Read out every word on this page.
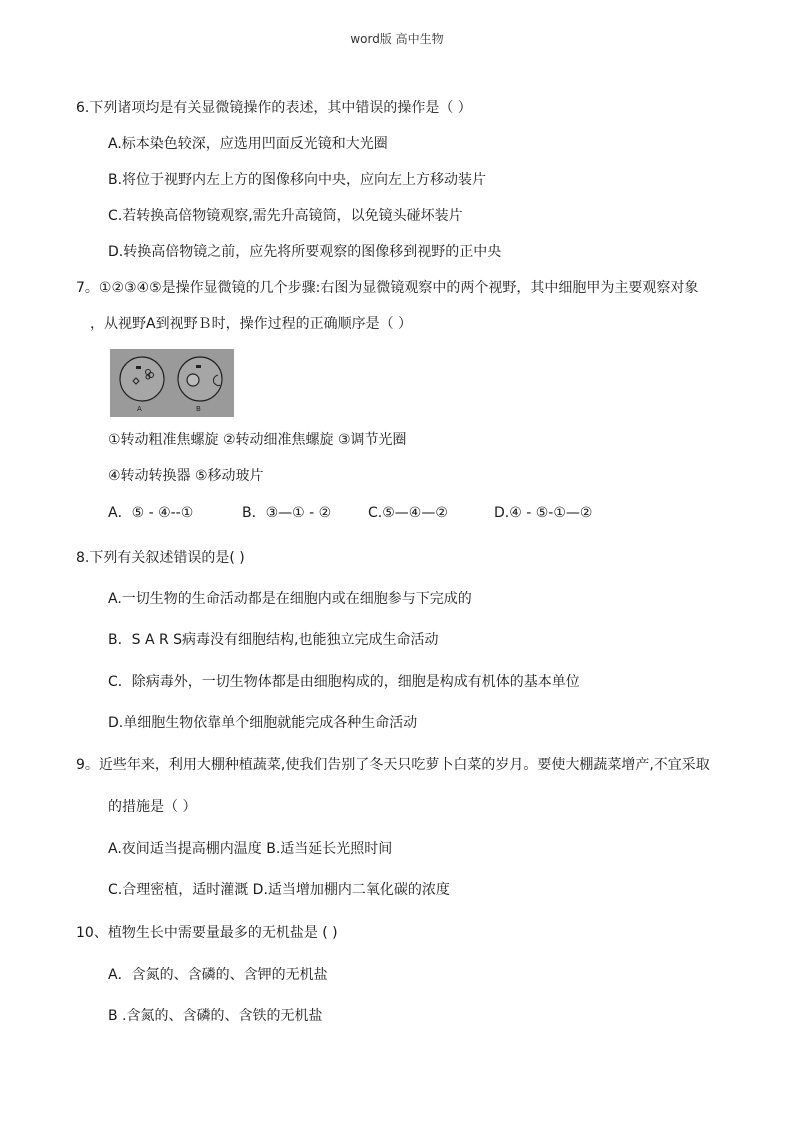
word版 高中生物
6.下列诸项均是有关显微镜操作的表述，其中错误的操作是（ ）
A.标本染色较深，应选用凹面反光镜和大光圈
B.将位于视野内左上方的图像移向中央，应向左上方移动装片
C.若转换高倍物镜观察,需先升高镜筒，以免镜头碰坏装片
D.转换高倍物镜之前，应先将所要观察的图像移到视野的正中央
7。①②③④⑤是操作显微镜的几个步骤:右图为显微镜观察中的两个视野，其中细胞甲为主要观察对象
，从视野A到视野Ｂ时，操作过程的正确顺序是（ ）
A	B
①转动粗准焦螺旋 ②转动细准焦螺旋 ③调节光圈
④转动转换器 ⑤移动玻片
A．⑤ - ④--①	B．③—① - ②	C.⑤—④—②	D.④ - ⑤-①—②
8.下列有关叙述错误的是( )
A.一切生物的生命活动都是在细胞内或在细胞参与下完成的
B．S A R S病毒没有细胞结构,也能独立完成生命活动
C．除病毒外，一切生物体都是由细胞构成的，细胞是构成有机体的基本单位
D.单细胞生物依靠单个细胞就能完成各种生命活动
9。近些年来，利用大棚种植蔬菜,使我们告别了冬天只吃萝卜白菜的岁月。要使大棚蔬菜增产,不宜采取
的措施是（ ）
A.夜间适当提高棚内温度 B.适当延长光照时间
C.合理密植，适时灌溉 D.适当增加棚内二氧化碳的浓度
10、植物生长中需要量最多的无机盐是 ( )
A．含氮的、含磷的、含钾的无机盐
B .含氮的、含磷的、含铁的无机盐
